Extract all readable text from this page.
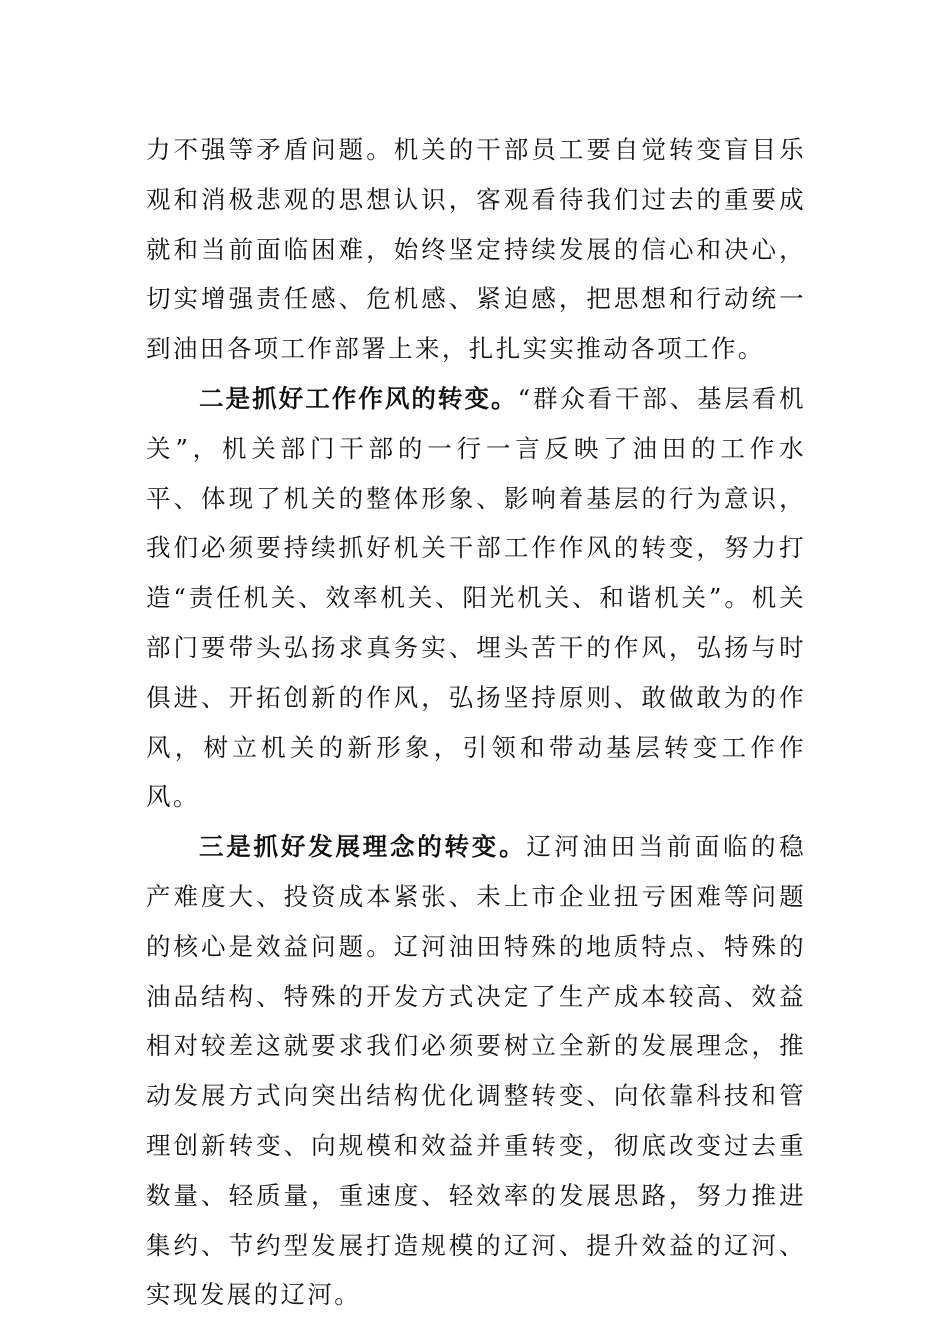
力不强等矛盾问题。机关的干部员工要自觉转变盲目乐观和消极悲观的思想认识，客观看待我们过去的重要成就和当前面临困难，始终坚定持续发展的信心和决心，切实增强责任感、危机感、紧迫感，把思想和行动统一到油田各项工作部署上来，扎扎实实推动各项工作。

二是抓好工作作风的转变。“群众看干部、基层看机关”，机关部门干部的一行一言反映了油田的工作水平、体现了机关的整体形象、影响着基层的行为意识，我们必须要持续抓好机关干部工作作风的转变，努力打造“责任机关、效率机关、阳光机关、和谐机关”。机关部门要带头弘扬求真务实、埋头苦干的作风，弘扬与时俱进、开拓创新的作风，弘扬坚持原则、敢做敢为的作风，树立机关的新形象，引领和带动基层转变工作作风。

三是抓好发展理念的转变。辽河油田当前面临的稳产难度大、投资成本紧张、未上市企业扭亏困难等问题的核心是效益问题。辽河油田特殊的地质特点、特殊的油品结构、特殊的开发方式决定了生产成本较高、效益相对较差这就要求我们必须要树立全新的发展理念，推动发展方式向突出结构优化调整转变、向依靠科技和管理创新转变、向规模和效益并重转变，彻底改变过去重数量、轻质量，重速度、轻效率的发展思路，努力推进集约、节约型发展打造规模的辽河、提升效益的辽河、实现发展的辽河。
